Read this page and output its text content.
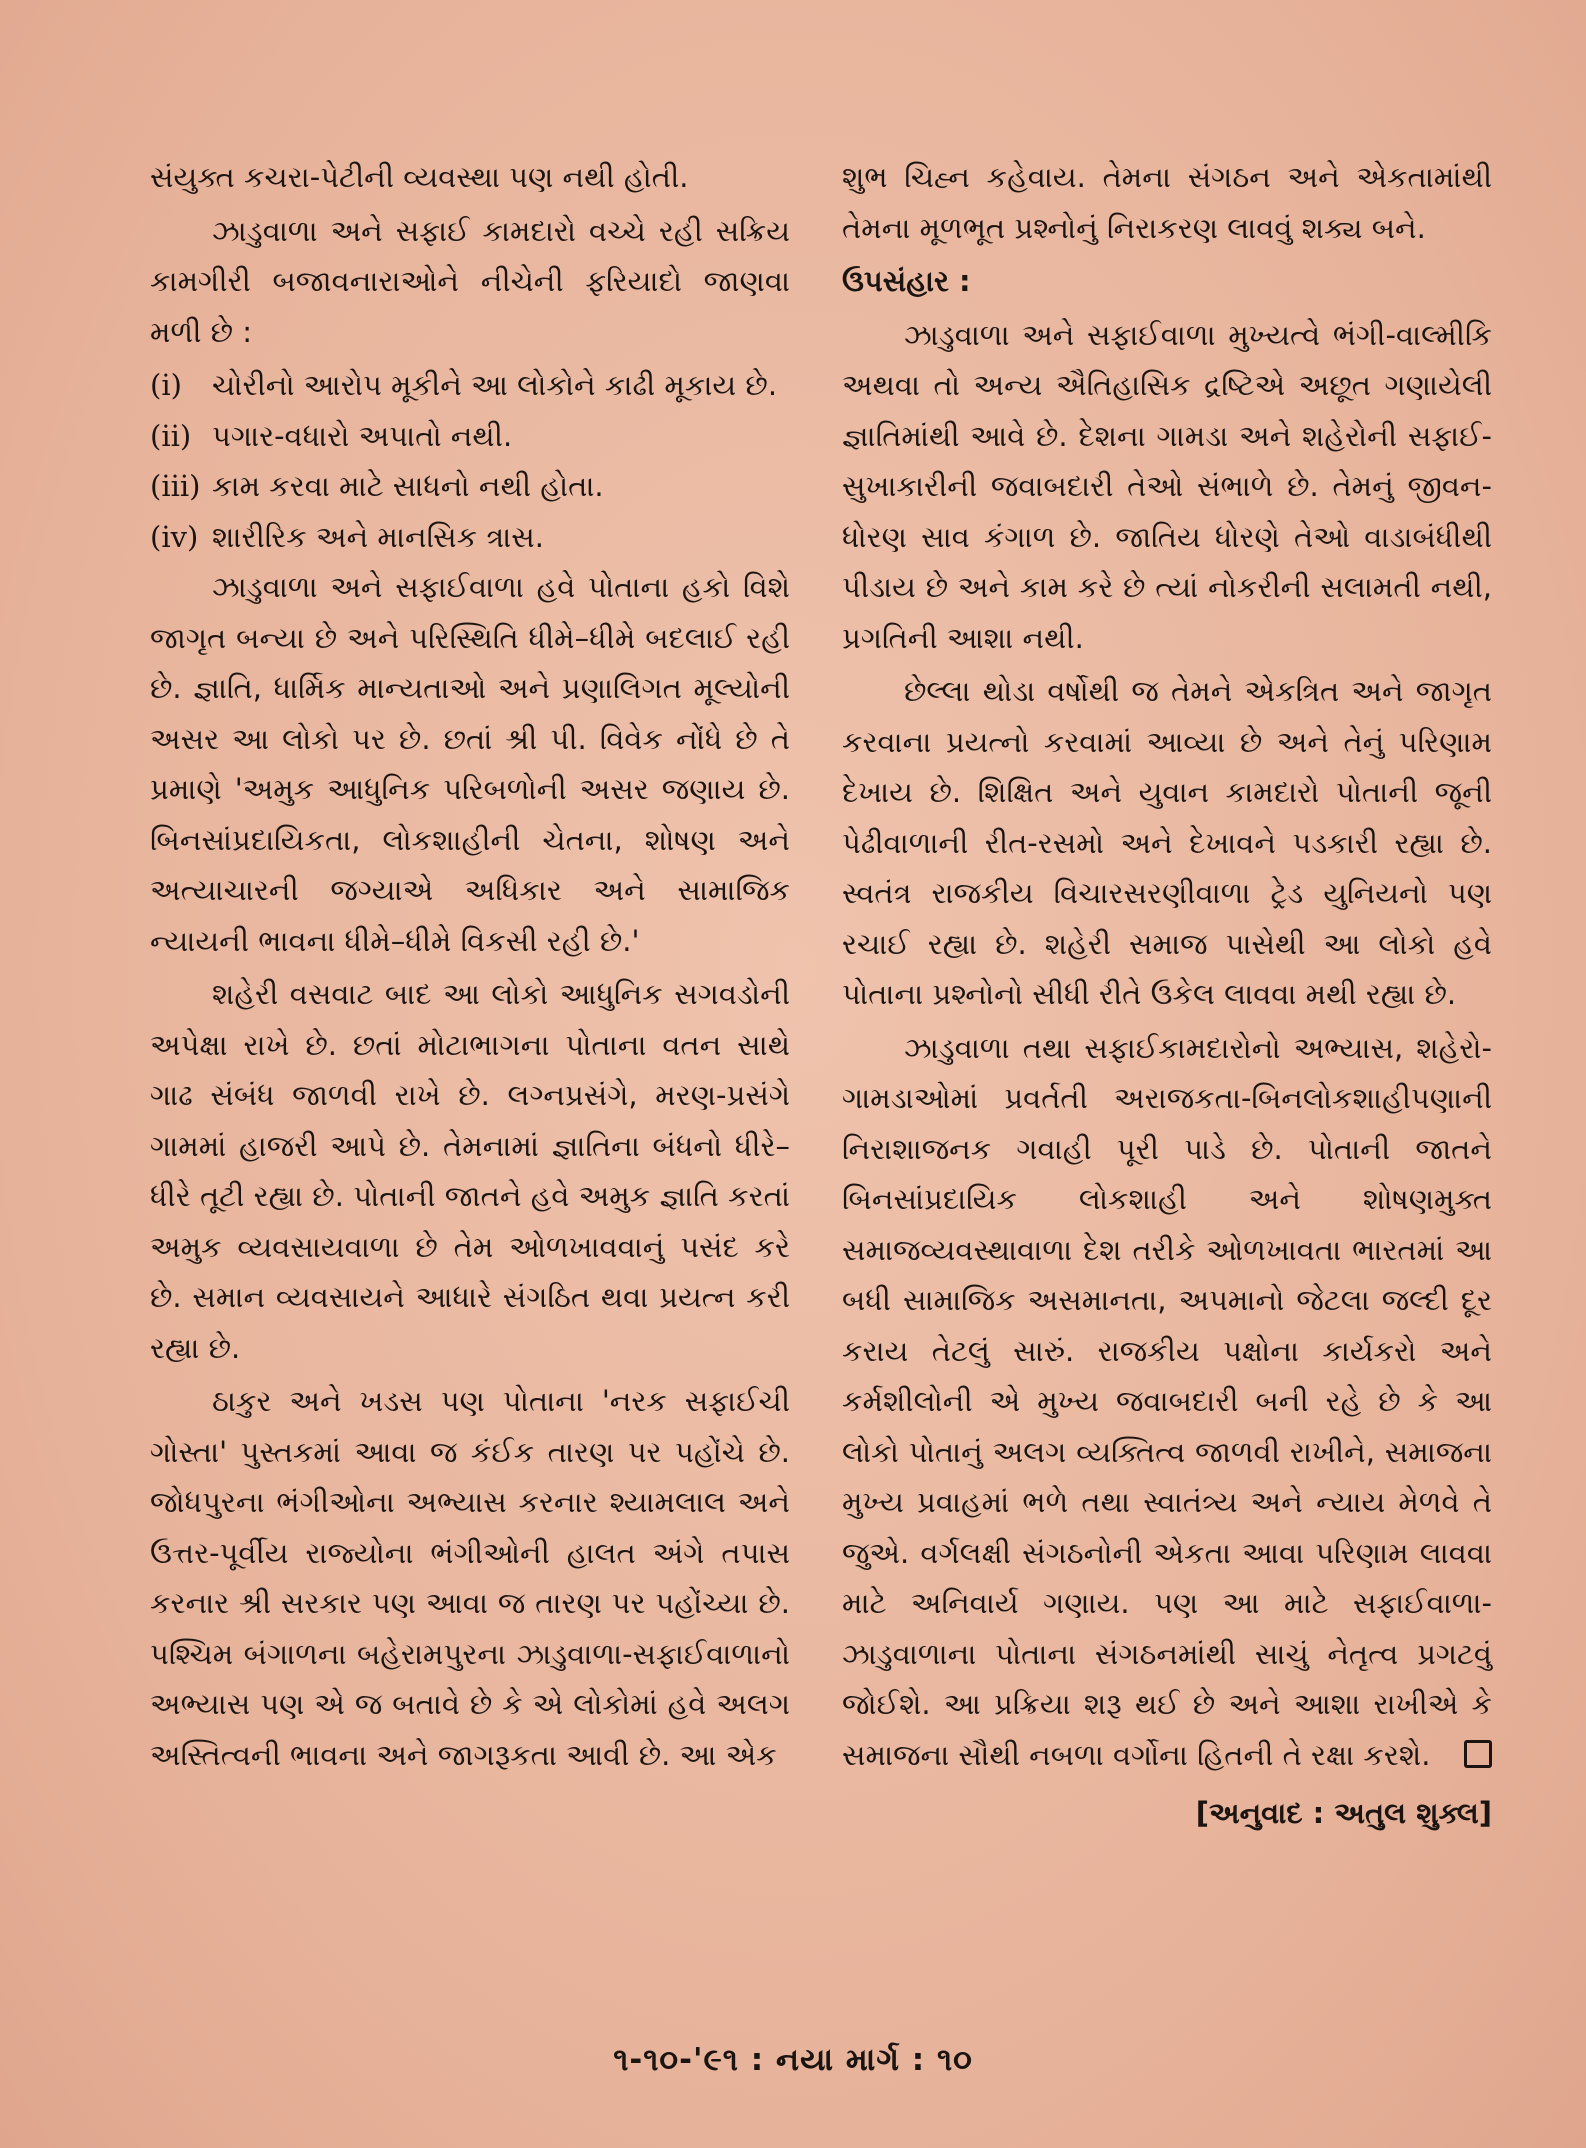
સંયુક્ત કચરા-પેટીની વ્યવસ્થા પણ નથી હોતી.

ઝાડુવાળા અને સફાઈ કામદારો વચ્ચે રહી સક્રિય કામગીરી બજાવનારાઓને નીચેની ફરિયાદો જાણવા મળી છે :

(i)	ચોરીનો આરોપ મૂકીને આ લોકોને કાઢી મૂકાય છે.
(ii) પગાર-વધારો અપાતો નથી.
(iii) કામ કરવા માટે સાધનો નથી હોતા.
(iv) શારીરિક અને માનસિક ત્રાસ.

ઝાડુવાળા અને સફાઈવાળા હવે પોતાના હકો વિશે જાગૃત બન્યા છે અને પરિસ્થિતિ ધીમે–ધીમે બદલાઈ રહી છે. જ્ઞાતિ, ધાર્મિક માન્યતાઓ અને પ્રણાલિગત મૂલ્યોની અસર આ લોકો પર છે. છતાં શ્રી પી. વિવેક નોંધે છે તે પ્રમાણે 'અમુક આધુનિક પરિબળોની અસર જણાય છે. બિનસાંપ્રદાયિકતા, લોકશાહીની ચેતના, શોષણ અને અત્યાચારની જગ્યાએ અધિકાર અને સામાજિક ન્યાયની ભાવના ધીમે–ધીમે વિકસી રહી છે.'

શહેરી વસવાટ બાદ આ લોકો આધુનિક સગવડોની અપેક્ષા રાખે છે. છતાં મોટાભાગના પોતાના વતન સાથે ગાઢ સંબંધ જાળવી રાખે છે. લગ્નપ્રસંગે, મરણ-પ્રસંગે ગામમાં હાજરી આપે છે. તેમનામાં જ્ઞાતિના બંધનો ધીરે–ધીરે તૂટી રહ્યા છે. પોતાની જાતને હવે અમુક જ્ઞાતિ કરતાં અમુક વ્યવસાયવાળા છે તેમ ઓળખાવવાનું પસંદ કરે છે. સમાન વ્યવસાયને આધારે સંગઠિત થવા પ્રયત્ન કરી રહ્યા છે.

ઠાકુર અને ખડસ પણ પોતાના 'નરક સફાઈચી ગોસ્તા' પુસ્તકમાં આવા જ કંઈક તારણ પર પહોંચે છે. જોધપુરના ભંગીઓના અભ્યાસ કરનાર શ્યામલાલ અને ઉત્તર-પૂર્વીય રાજ્યોના ભંગીઓની હાલત અંગે તપાસ કરનાર શ્રી સરકાર પણ આવા જ તારણ પર પહોંચ્યા છે. પશ્ચિમ બંગાળના બહેરામપુરના ઝાડુવાળા-સફાઈવાળાનો અભ્યાસ પણ એ જ બતાવે છે કે એ લોકોમાં હવે અલગ અસ્તિત્વની ભાવના અને જાગરૂકતા આવી છે. આ એક

શુભ ચિહ્ન કહેવાય. તેમના સંગઠન અને એકતામાંથી તેમના મૂળભૂત પ્રશ્નોનું નિરાકરણ લાવવું શક્ય બને.

ઉપસંહાર :

ઝાડુવાળા અને સફાઈવાળા મુખ્યત્વે ભંગી-વાલ્મીકિ અથવા તો અન્ય ઐતિહાસિક દ્રષ્ટિએ અછૂત ગણાયેલી જ્ઞાતિમાંથી આવે છે. દેશના ગામડા અને શહેરોની સફાઈ-સુખાકારીની જવાબદારી તેઓ સંભાળે છે. તેમનું જીવન-ધોરણ સાવ કંગાળ છે. જાતિય ધોરણે તેઓ વાડાબંધીથી પીડાય છે અને કામ કરે છે ત્યાં નોકરીની સલામતી નથી, પ્રગતિની આશા નથી.

છેલ્લા થોડા વર્ષોથી જ તેમને એકત્રિત અને જાગૃત કરવાના પ્રયત્નો કરવામાં આવ્યા છે અને તેનું પરિણામ દેખાય છે. શિક્ષિત અને યુવાન કામદારો પોતાની જૂની પેઢીવાળાની રીત-રસમો અને દેખાવને પડકારી રહ્યા છે. સ્વતંત્ર રાજકીય વિચારસરણીવાળા ટ્રેડ યુનિયનો પણ રચાઈ રહ્યા છે. શહેરી સમાજ પાસેથી આ લોકો હવે પોતાના પ્રશ્નોનો સીધી રીતે ઉકેલ લાવવા મથી રહ્યા છે.

ઝાડુવાળા તથા સફાઈકામદારોનો અભ્યાસ, શહેરો-ગામડાઓમાં પ્રવર્તતી અરાજકતા-બિનલોકશાહીપણાની નિરાશાજનક ગવાહી પૂરી પાડે છે. પોતાની જાતને બિનસાંપ્રદાયિક લોકશાહી અને શોષણમુક્ત સમાજવ્યવસ્થાવાળા દેશ તરીકે ઓળખાવતા ભારતમાં આ બધી સામાજિક અસમાનતા, અપમાનો જેટલા જલ્દી દૂર કરાય તેટલું સારું. રાજકીય પક્ષોના કાર્યકરો અને કર્મશીલોની એ મુખ્ય જવાબદારી બની રહે છે કે આ લોકો પોતાનું અલગ વ્યક્તિત્વ જાળવી રાખીને, સમાજના મુખ્ય પ્રવાહમાં ભળે તથા સ્વાતંત્ર્ય અને ન્યાય મેળવે તે જુએ. વર્ગલક્ષી સંગઠનોની એકતા આવા પરિણામ લાવવા માટે અનિવાર્ય ગણાય. પણ આ માટે સફાઈવાળા-ઝાડુવાળાના પોતાના સંગઠનમાંથી સાચું નેતૃત્વ પ્રગટવું જોઈશે. આ પ્રક્રિયા શરૂ થઈ છે અને આશા રાખીએ કે સમાજના સૌથી નબળા વર્ગોના હિતની તે રક્ષા કરશે.

[અનુવાદ : અતુલ શુક્લ]
૧-૧૦-'૯૧ : નયા માર્ગ : ૧૦
